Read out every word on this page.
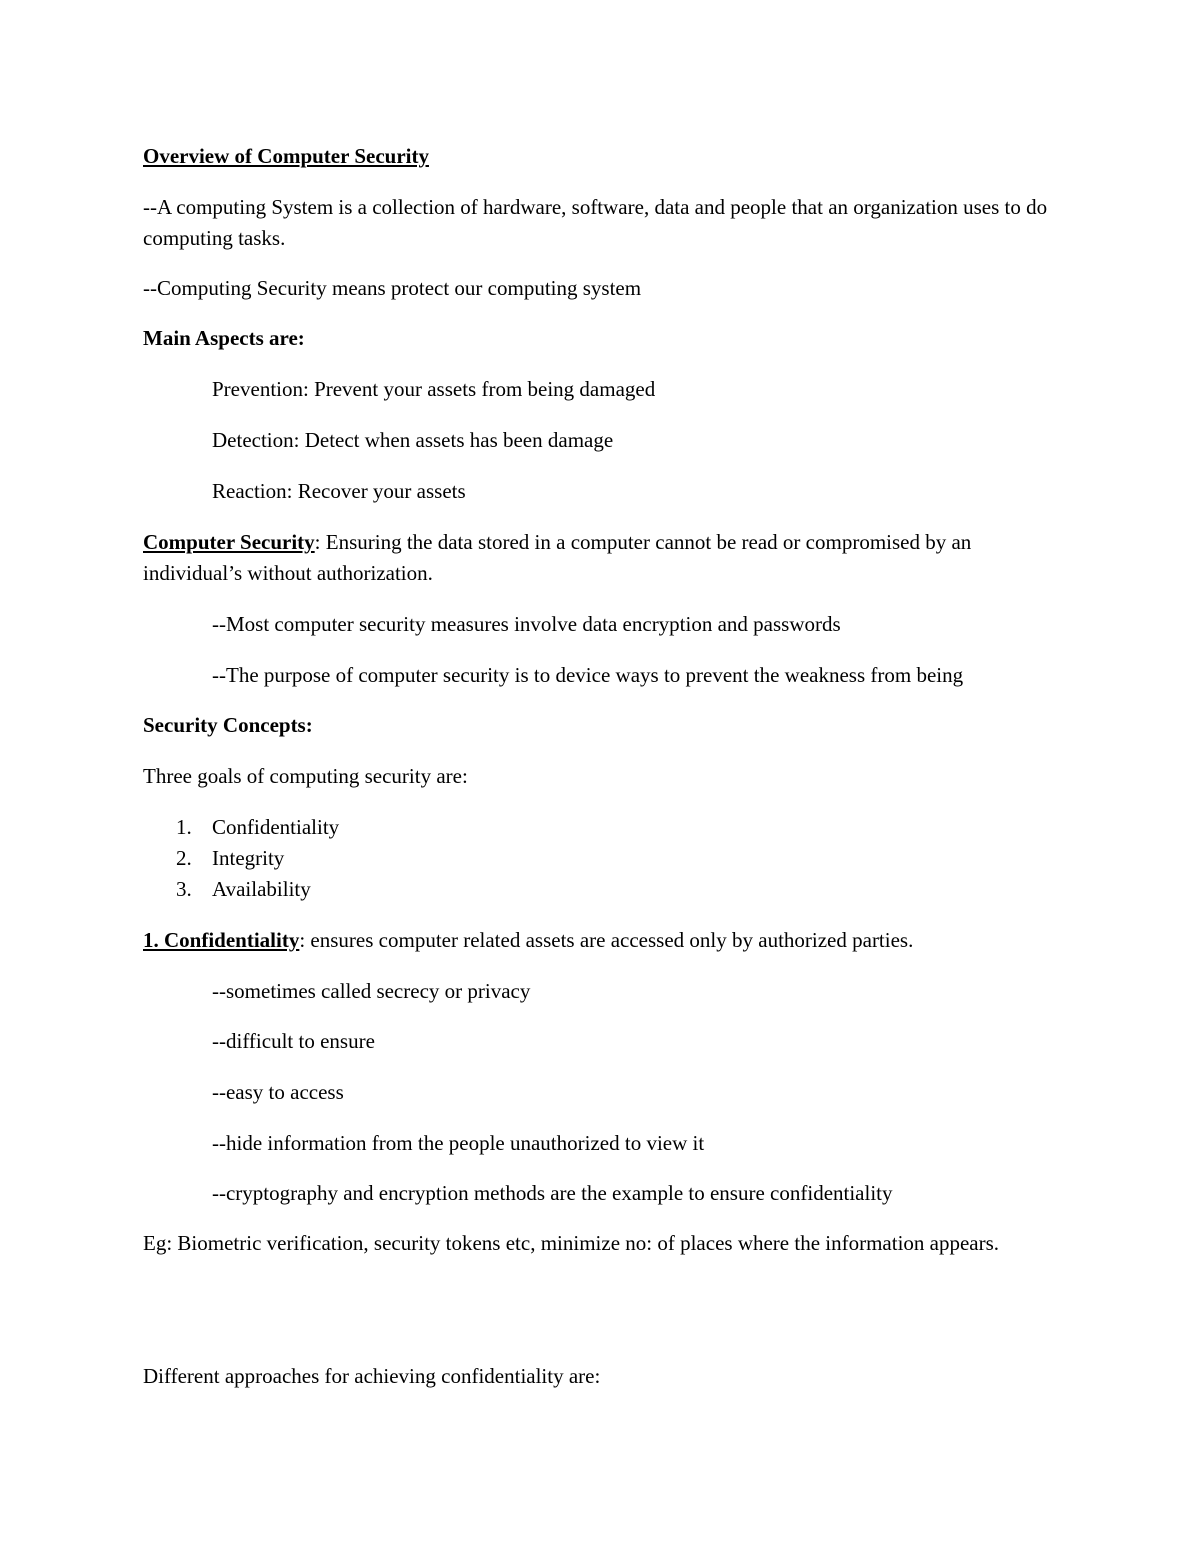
Overview of Computer Security
--A computing System is a collection of hardware, software, data and people that an organization uses to do computing tasks.
--Computing Security means protect our computing system
Main Aspects are:
Prevention: Prevent your assets from being damaged
Detection: Detect when assets has been damage
Reaction: Recover your assets
Computer Security: Ensuring the data stored in a computer cannot be read or compromised by an individual’s without authorization.
--Most computer security measures involve data encryption and passwords
--The purpose of computer security is to device ways to prevent the weakness from being
Security Concepts:
Three goals of computing security are:
1. Confidentiality
2. Integrity
3. Availability
1. Confidentiality: ensures computer related assets are accessed only by authorized parties.
--sometimes called secrecy or privacy
--difficult to ensure
--easy to access
--hide information from the people unauthorized to view it
--cryptography and encryption methods are the example to ensure confidentiality
Eg: Biometric verification, security tokens etc, minimize no: of places where the information appears.
Different approaches for achieving confidentiality are:
